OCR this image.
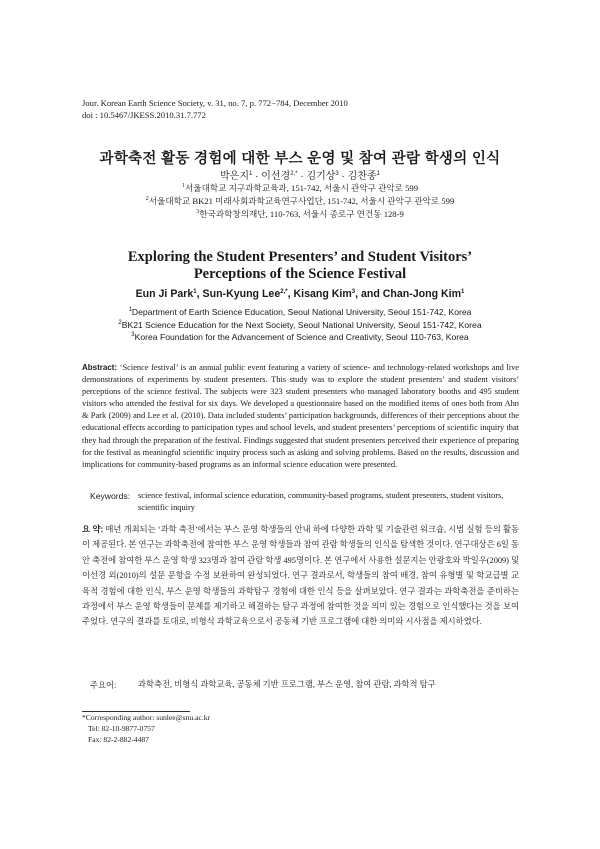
Jour. Korean Earth Science Society, v. 31, no. 7, p. 772−784, December 2010
doi : 10.5467/JKESS.2010.31.7.772
과학축전 활동 경험에 대한 부스 운영 및 참여 관람 학생의 인식
박은지$^1$ · 이선경$^{2,*}$ · 김기상$^3$ · 김찬종$^1$
$^1$서울대학교 지구과학교육과, 151-742, 서울시 관악구 관악로 599
$^2$서울대학교 BK21 미래사회과학교육연구사업단, 151-742, 서울시 관악구 관악로 599
$^3$한국과학창의재단, 110-763, 서울시 종로구 연건동 128-9
Exploring the Student Presenters’ and Student Visitors’
Perceptions of the Science Festival
Eun Ji Park$^1$, Sun-Kyung Lee$^{2,*}$, Kisang Kim$^3$, and Chan-Jong Kim$^1$
$^1$Department of Earth Science Education, Seoul National University, Seoul 151-742, Korea
$^2$BK21 Science Education for the Next Society, Seoul National University, Seoul 151-742, Korea
$^3$Korea Foundation for the Advancement of Science and Creativity, Seoul 110-763, Korea
Abstract: ‘Science festival’ is an annual public event featuring a variety of science- and technology-related workshops and live demonstrations of experiments by student presenters. This study was to explore the student presenters’ and student visitors’ perceptions of the science festival. The subjects were 323 student presenters who managed laboratory booths and 495 student visitors who attended the festival for six days. We developed a questionnaire based on the modified items of ones both from Ahn & Park (2009) and Lee et al. (2010). Data included students’ participation backgrounds, differences of their perceptions about the educational effects according to participation types and school levels, and student presenters’ perceptions of scientific inquiry that they had through the preparation of the festival. Findings suggested that student presenters perceived their experience of preparing for the festival as meaningful scientific inquiry process such as asking and solving problems. Based on the results, discussion and implications for community-based programs as an informal science education were presented.
Keywords: science festival, informal science education, community-based programs, student presenters, student visitors, scientific inquiry
요 약: 매년 개최되는 ‘과학 축전’에서는 부스 운영 학생들의 안내 하에 다양한 과학 및 기술관련 워크숍, 시범 실험 등의 활동이 제공된다. 본 연구는 과학축전에 참여한 부스 운영 학생들과 참여 관람 학생들의 인식을 탐색한 것이다. 연구대상은 6일 동안 축전에 참여한 부스 운영 학생 323명과 참여 관람 학생 495명이다. 본 연구에서 사용한 설문지는 안광호와 박일우(2009) 및 이선경 외(2010)의 설문 문항을 수정 보완하여 완성되었다. 연구 결과로서, 학생들의 참여 배경, 참여 유형별 및 학교급별 교육적 경험에 대한 인식, 부스 운영 학생들의 과학탐구 경험에 대한 인식 등을 살펴보았다. 연구 결과는 과학축전을 준비하는 과정에서 부스 운영 학생들이 문제를 제기하고 해결하는 탐구 과정에 참여한 것을 의미 있는 경험으로 인식했다는 것을 보여주었다. 연구의 결과를 토대로, 비형식 과학교육으로서 공동체 기반 프로그램에 대한 의미와 시사점을 제시하였다.
주요어:	과학축전, 비형식 과학교육, 공동체 기반 프로그램, 부스 운영, 참여 관람, 과학적 탐구
*Corresponding author: sunlee@snu.ac.kr
Tel: 82-10-9877-0757
Fax: 82-2-882-4487
